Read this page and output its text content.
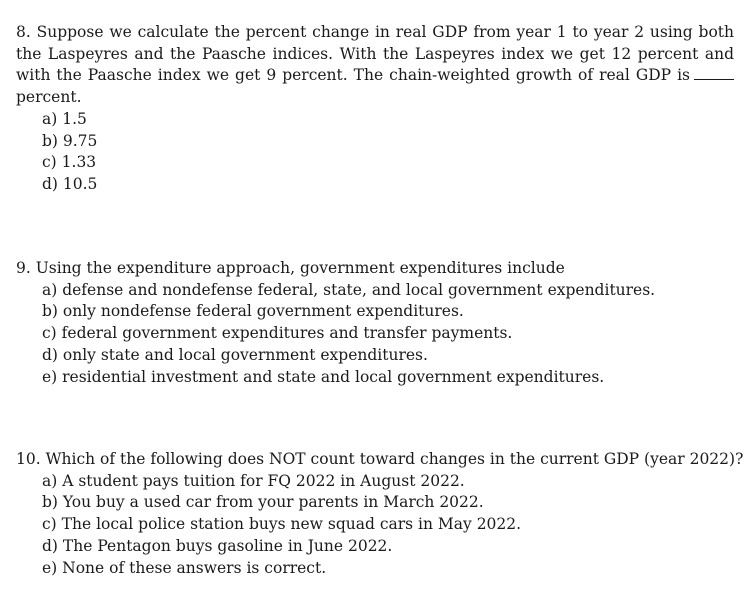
8. Suppose we calculate the percent change in real GDP from year 1 to year 2 using both
the Laspeyres and the Paasche indices. With the Laspeyres index we get 12 percent and
with the Paasche index we get 9 percent. The chain-weighted growth of real GDP is
percent.

a) 1.5
b) 9.75
c) 1.33
d) 10.5

9. Using the expenditure approach, government expenditures include

a) defense and nondefense federal, state, and local government expenditures.
b) only nondefense federal government expenditures.
c) federal government expenditures and transfer payments.
d) only state and local government expenditures.
e) residential investment and state and local government expenditures.

10. Which of the following does NOT count toward changes in the current GDP (year 2022)?

a) A student pays tuition for FQ 2022 in August 2022.
b) You buy a used car from your parents in March 2022.
c) The local police station buys new squad cars in May 2022.
d) The Pentagon buys gasoline in June 2022.
e) None of these answers is correct.
